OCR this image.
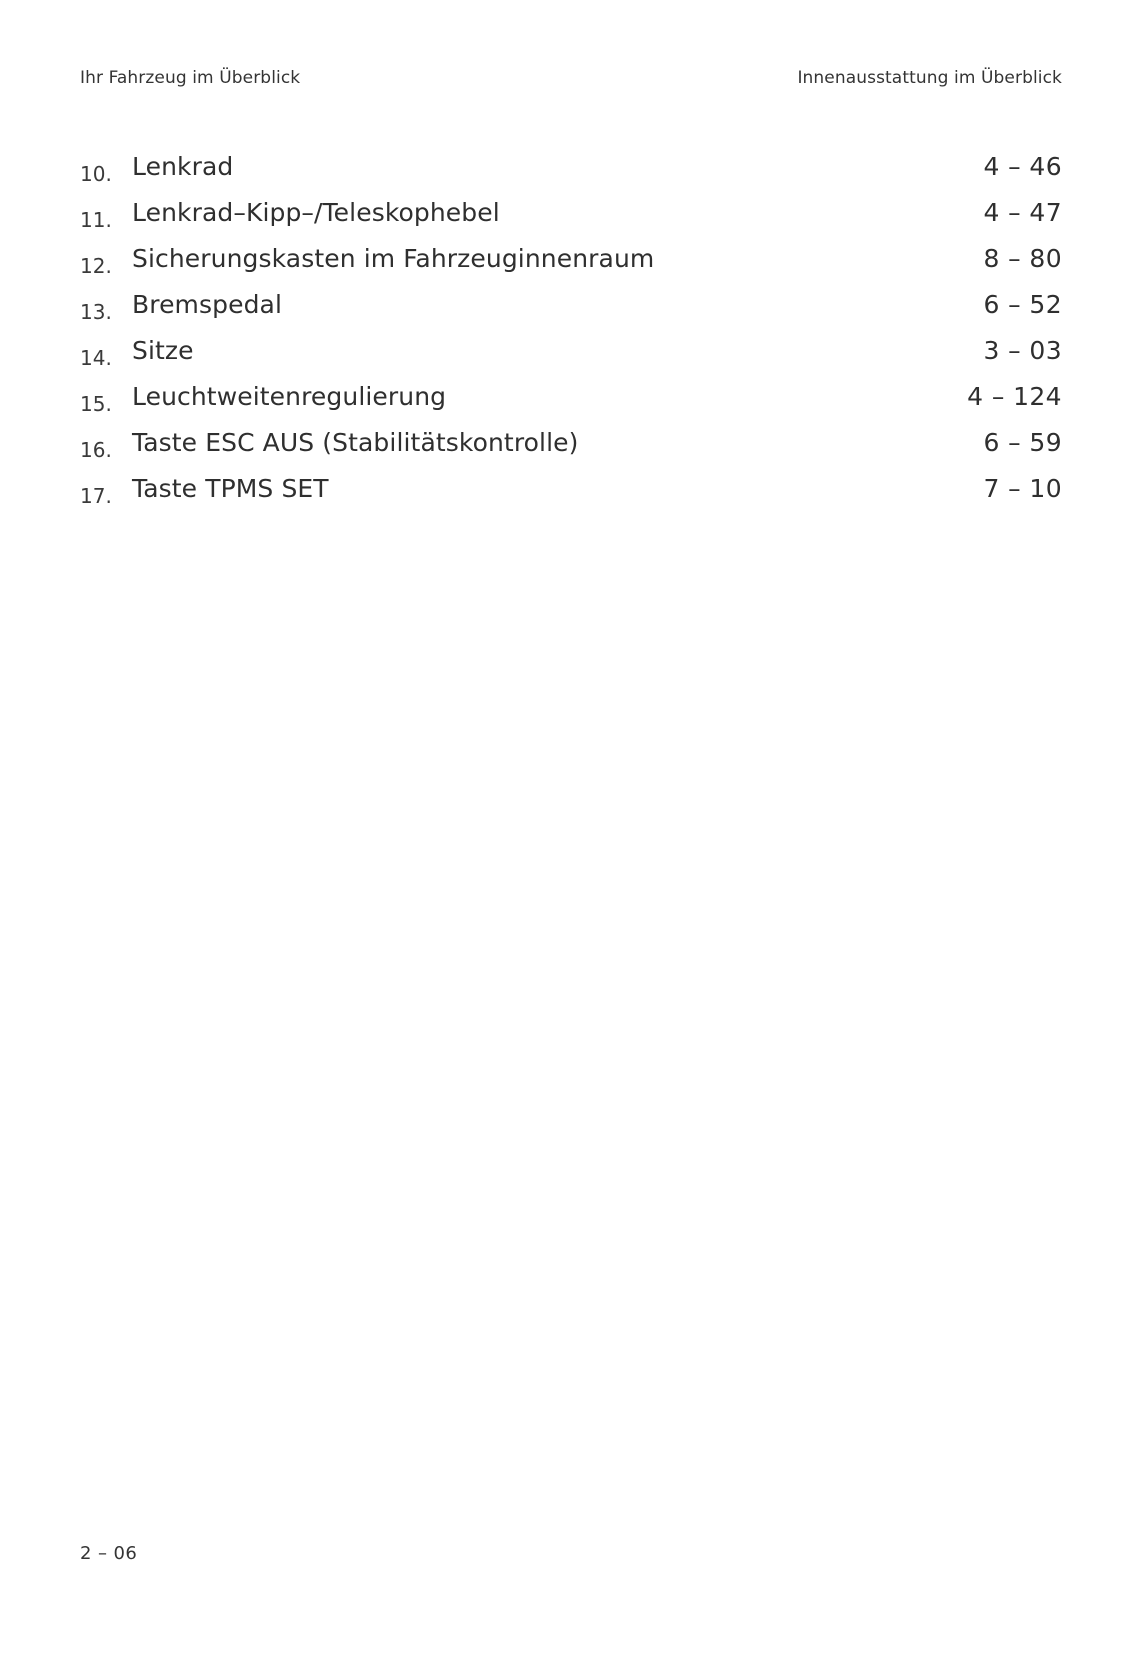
Ihr Fahrzeug im Überblick	Innenausstattung im Überblick
10. Lenkrad	4 – 46
11. Lenkrad–Kipp–/Teleskophebel	4 – 47
12. Sicherungskasten im Fahrzeuginnenraum	8 – 80
13. Bremspedal	6 – 52
14. Sitze	3 – 03
15. Leuchtweitenregulierung	4 – 124
16. Taste ESC AUS (Stabilitätskontrolle)	6 – 59
17. Taste TPMS SET	7 – 10
2 – 06
